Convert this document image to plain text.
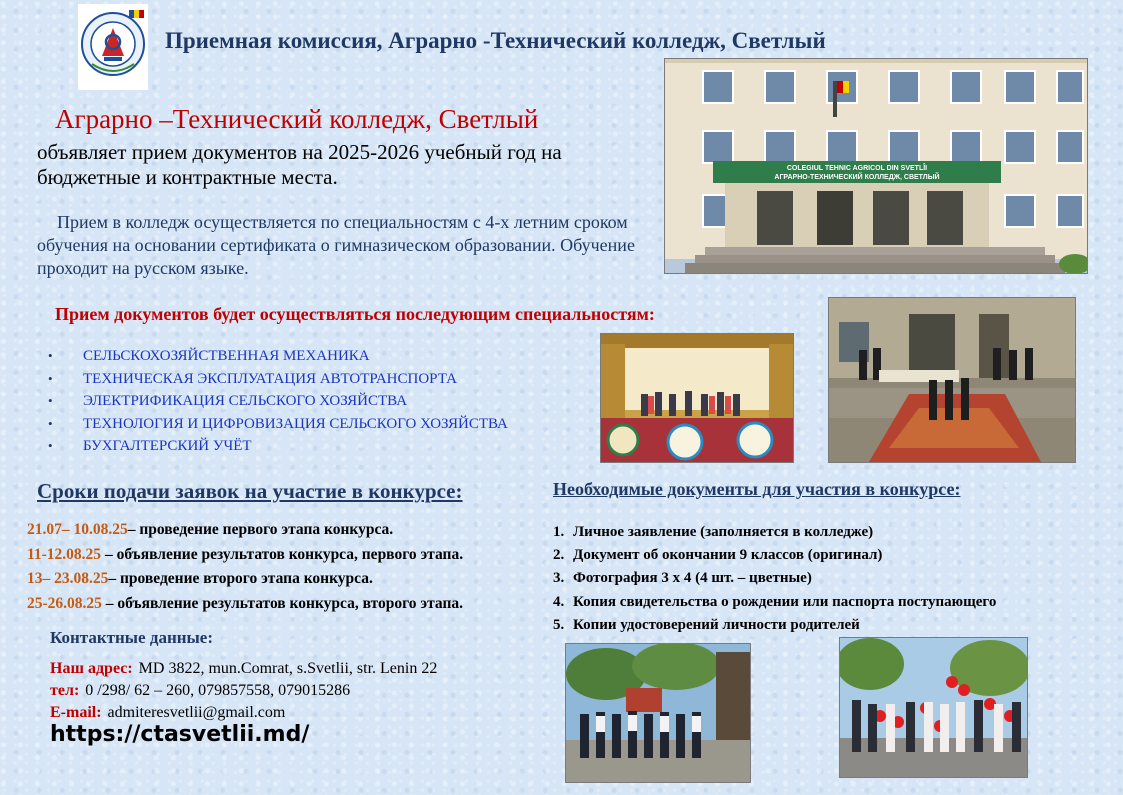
Приемная комиссия, Аграрно -Технический колледж, Светлый
Аграрно –Технический колледж, Светлый
объявляет прием документов на 2025-2026 учебный год на бюджетные и контрактные места.
Прием в колледж осуществляется по специальностям с 4-х летним сроком обучения на основании сертификата о гимназическом образовании. Обучение проходит на русском языке.
COLEGIUL TEHNIC AGRICOL DIN SVETLÎI
АГРАРНО-ТЕХНИЧЕСКИЙ КОЛЛЕДЖ, СВЕТЛЫЙ
Прием документов будет осуществляться последующим специальностям:
• СЕЛЬСКОХОЗЯЙСТВЕННАЯ МЕХАНИКА
• ТЕХНИЧЕСКАЯ ЭКСПЛУАТАЦИЯ АВТОТРАНСПОРТА
• ЭЛЕКТРИФИКАЦИЯ СЕЛЬСКОГО ХОЗЯЙСТВА
• ТЕХНОЛОГИЯ И ЦИФРОВИЗАЦИЯ СЕЛЬСКОГО ХОЗЯЙСТВА
• БУХГАЛТЕРСКИЙ УЧЁТ
Сроки подачи заявок на участие в конкурсе:
21.07– 10.08.25– проведение первого этапа конкурса.
11-12.08.25 – объявление результатов конкурса, первого этапа.
13– 23.08.25– проведение второго этапа конкурса.
25-26.08.25 – объявление результатов конкурса, второго этапа.
Необходимые документы для участия в конкурсе:
1. Личное заявление (заполняется в колледже)
2. Документ об окончании 9 классов (оригинал)
3. Фотография 3 х 4 (4 шт. – цветные)
4. Копия свидетельства о рождении или паспорта поступающего
5. Копии удостоверений личности родителей
Контактные данные:
Наш адрес: MD 3822, mun.Comrat, s.Svetlii, str. Lenin 22
тел: 0 /298/ 62 – 260, 079857558, 079015286
E-mail: admiteresvetlii@gmail.com
https://ctasvetlii.md/
